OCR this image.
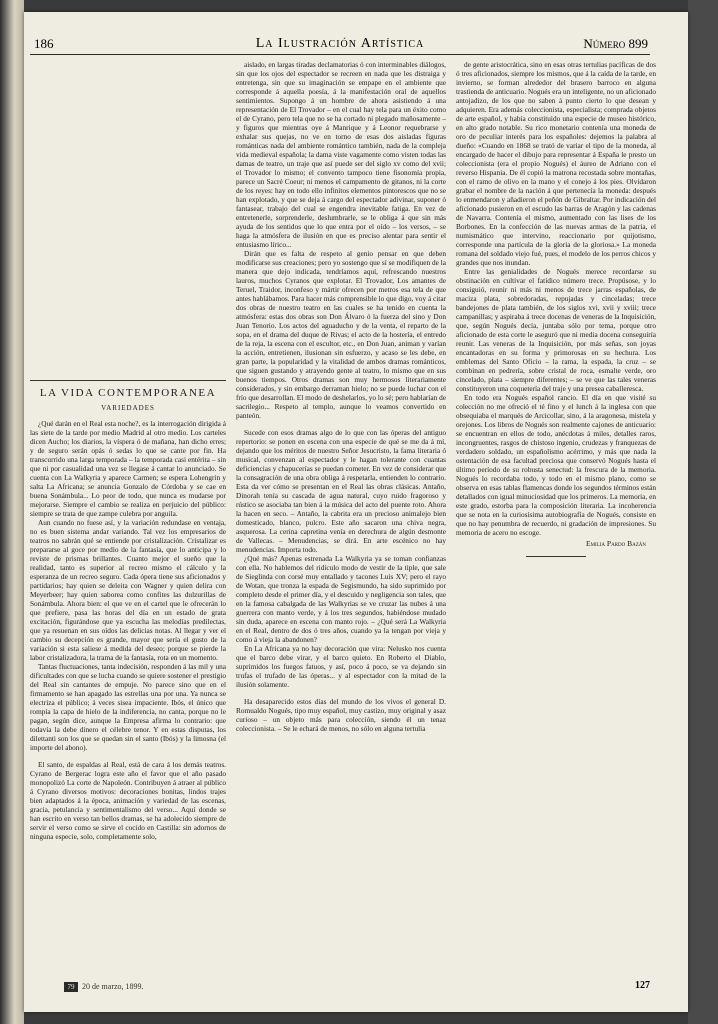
186	La Ilustración Artística	Número 899
LA VIDA CONTEMPORANEA
VARIEDADES

¿Qué darán en el Real esta noche?, es la interrogación dirigida á las siete de la tarde por medio Madrid al otro medio. Los carteles dicen Aucho; los diarios, la víspera ó de mañana, han dicho erres; y de seguro serán opás ó sedas lo que se cante por fin. Ha transcurrido una larga temporada – la temporada casi entérita – sin que ni por casualidad una vez se llegase á cantar lo anunciado. Se cuenta con La Walkyria y aparece Carmen; se espera Lohengrin y salta La Africana; se anuncia Gonzalo de Córdoba y se cae en buena Sonámbula... Lo peor de todo, que nunca es mudarse por mejorarse. Siempre el cambio se realiza en perjuicio del público: siempre se trata de que zampe culebra por anguila.

Aun cuando no fuese así, y la variación redundase en ventaja, no es buen sistema andar variando. Tal vez los empresarios de teatros no sabrán qué se entiende por cristalización. Cristalizar es prepararse al goce por medio de la fantasía, que lo anticipa y lo reviste de prismas brillantes. Cuanto mejor el sueño que la realidad, tanto es superior al recreo mismo el cálculo y la esperanza de un recreo seguro. Cada ópera tiene sus aficionados y partidarios; hay quien se deleita con Wagner y quien delira con Meyerbeer; hay quien saborea como confites las dulzurillas de Sonámbula. Ahora bien: el que ve en el cartel que le ofrecerán lo que prefiere, pasa las horas del día en un estado de grata excitación, figurándose que ya escucha las melodías predilectas, que ya resuenan en sus oídos las delicias notas. Al llegar y ver el cambio su decepción es grande, mayor que sería el gusto de la variación si esta saliese á medida del deseo; porque se pierde la labor cristalizadora, la trama de la fantasía, rota en un momento.

Tantas fluctuaciones, tanta indecisión, responden á las mil y una dificultades con que se lucha cuando se quiere sostener el prestigio del Real sin cantantes de empuje. No parece sino que en el firmamento se han apagado las estrellas una por una. Ya nunca se electriza el público; á veces sisea impaciente. Ibós, el único que rompía la capa de hielo de la indiferencia, no canta, porque no le pagan, según dice, aunque la Empresa afirma lo contrario: que todavía la debe dinero el célebre tenor. Y en estas disputas, los dilettanti son los que se quedan sin el santo (Ibós) y la limosna (el importe del abono).

El santo, de espaldas al Real, está de cara á los demás teatros. Cyrano de Bergerac logra este año el favor que el año pasado monopolizó La corte de Napoleón. Contribuyen á atraer al público á Cyrano diversos motivos: decoraciones bonitas, lindos trajes bien adaptados á la época, animación y variedad de las escenas, gracia, petulancia y sentimentalismo del verso... Aquí donde se han escrito en verso tan bellos dramas, se ha adolecido siempre de servir el verso como se sirve el cocido en Castilla: sin adornos de ninguna especie, solo, completamente solo,

aislado, en largas tiradas declamatorias ó con interminables diálogos, sin que los ojos del espectador se recreen en nada que les distraiga y entretenga, sin que su imaginación se empape en el ambiente que corresponde á aquella poesía, á la manifestación oral de aquellos sentimientos. Supongo á un hombre de ahora asistiendo á una representación de El Trovador – en el cual hay tela para un éxito como el de Cyrano, pero tela que no se ha cortado ni plegado mañosamente – y figuros que mientras oye á Manrique y á Leonor requebrarse y exhalar sus quejas, no ve en torno de esas dos aisladas figuras románticas nada del ambiente romántico también, nada de la compleja vida medieval española; la dama viste vagamente como visten todas las damas de teatro, un traje que así puede ser del siglo xv como del xvii; el Trovador lo mismo; el convento tampoco tiene fisonomía propia, parece un Sacré Coeur; ni menos el campamento de gitanos, ni la corte de los reyes: hay en todo ello infinitos elementos pintorescos que no se han explotado, y que se deja á cargo del espectador adivinar, suponer ó fantasear, trabajo del cual se engendra inevitable fatiga. En vez de entretenerle, sorprenderle, deslumbrarle, se le obliga á que sin más ayuda de los sentidos que lo que entra por el oído – los versos, – se haga la atmósfera de ilusión en que es preciso alentar para sentir el entusiasmo lírico...

Dirán que es falta de respeto al genio pensar en que deben modificarse sus creaciones; pero yo sostengo que sí se modifiquen de la manera que dejo indicada, tendríamos aquí, refrescando nuestros lauros, muchos Cyranos que explotar. El Trovador, Los amantes de Teruel, Traidor, inconfeso y mártir ofrecen por metros esa tela de que antes hablábamos. Para hacer más comprensible lo que digo, voy á citar dos obras de nuestro teatro en las cuales se ha tenido en cuenta la atmósfera: estas dos obras son Don Álvaro ó la fuerza del sino y Don Juan Tenorio. Los actos del aguaducho y de la venta, el reparto de la sopa, en el drama del duque de Rivas; el acto de la hostería, el entredo de la reja, la escena con el escultor, etc., en Don Juan, animan y varían la acción, entretienen, ilusionan sin esfuerzo, y acaso se les debe, en gran parte, la popularidad y la vitalidad de ambos dramas románticos, que siguen gustando y atrayendo gente al teatro, lo mismo que en sus buenos tiempos. Otros dramas son muy hermosos literariamente considerados, y sin embargo derraman hielo; no se puede luchar con el frío que desarrollan. El modo de deshelarlos, yo lo sé; pero hablarían de sacrilegio... Respeto al templo, aunque lo veamos convertido en panteón.

Sucede con esos dramas algo de lo que con las óperas del antiguo repertorio: se ponen en escena con una especie de qué se me da á mí, dejando que los méritos de nuestro Señor Jesucristo, la fama literaria ó musical, convenzan al espectador y le hagan tolerante con cuantas deficiencias y chapucerías se puedan cometer. En vez de considerar que la consagración de una obra obliga á respetarla, entienden lo contrario. Esta da ver cómo se presentan en el Real las obras clásicas. Antaño, Dinorah tenía su cascada de agua natural, cuyo ruido fragoroso y rústico se asociaba tan bien á la música del acto del puente roto. Ahora la hacen en seco. – Antaño, la cabrita era un precioso animalejo bien domesticado, blanco, pulcro. Este año sacaron una chiva negra, asquerosa. La cerina capretina venía en derechura de algún desmonte de Vallecas. – Menudencias, se dirá. En arte escénico no hay menudencias. Importa todo.

¿Qué más? Apenas estrenada La Walkyria ya se toman confianzas con ella. No hablemos del ridículo modo de vestir de la tiple, que sale de Sieglinda con corsé muy entallado y tacones Luis XV; pero el rayo de Wotan, que tronza la espada de Segismundo, ha sido suprimido por completo desde el primer día, y el descuido y negligencia son tales, que en la famosa cabalgada de las Walkyrias se ve cruzar las nubes á una guerrera con manto verde, y á los tres segundos, habiéndose mudado sin duda, aparece en escena con manto rojo. – ¿Qué será La Walkyria en el Real, dentro de dos ó tres años, cuando ya la tengan por vieja y como á vieja la abandonen?

En La Africana ya no hay decoración que vira: Nelusko nos cuenta que el barco debe virar, y el barco quieto. En Roberto el Diablo, suprimidos los fuegos fatuos, y así, poco á poco, se va dejando sin trufas el trufado de las óperas... y al espectador con la mitad de la ilusión solamente.

Ha desaparecido estos días del mundo de los vivos el general D. Romualdo Nogués, tipo muy español, muy castizo, muy original y asaz curioso – un objeto más para colección, siendo él un tenaz coleccionista. – Se le echará de menos, no sólo en alguna tertulia

de gente aristocrática, sino en esas otras tertulias pacíficas de dos ó tres aficionados, siempre los mismos, que á la caída de la tarde, en invierno, se forman alrededor del brasero barroco en alguna trastienda de anticuario. Nogués era un inteligente, no un aficionado antojadizo, de los que no saben á punto cierto lo que desean y adquieren. Era además coleccionista, especialista; comprada objetos de arte español, y había constituido una especie de museo histórico, en alto grado notable. Su rico monetario contenía una moneda de oro de peculiar interés para los españoles: dejemos la palabra al dueño: «Cuando en 1868 se trató de variar el tipo de la moneda, al encargado de hacer el dibujo para representar á España le presto un coleccionista (era el propio Nogués) el áureo de Adriano con el reverso Hispania. De él copió la matrona recostada sobre montañas, con el ramo de olivo en la mano y el conejo á los pies. Olvidaron grabar el nombre de la nación á que pertenecía la moneda: después lo enmendaron y añadieron el peñón de Gibraltar. Por indicación del aficionado pusieron en el escudo las barras de Aragón y las cadenas de Navarra. Contenía el mismo, aumentado con las lises de los Borbones. En la confección de las nuevas armas de la patria, el numismático que intervino, reaccionario por quijotismo, corresponde una partícula de la gloria de la gloriosa.» La moneda romana del soldado viejo fué, pues, el modelo de los perros chicos y grandes que nos inundan.

Entre las genialidades de Nogués merece recordarse su obstinación en cultivar el fatídico número trece. Propúsose, y lo consiguió, reunir ni más ni menos de trece jarras españolas, de maciza plata, sobredoradas, repujadas y cinceladas; trece bandejones de plata también, de los siglos xvi, xvii y xviii; trece campanillas; y aspiraba á trece docenas de veneras de la Inquisición, que, según Nogués decía, juntaba sólo por tema, porque otro aficionado de esta corte le aseguró que ni media docena conseguiría reunir. Las veneras de la Inquisición, por más señas, son joyas encantadoras en su forma y primorosas en su hechura. Los emblemas del Santo Oficio – la rama, la espada, la cruz – se combinan en pedrería, sobre cristal de roca, esmalte verde, oro cincelado, plata – siempre diferentes; – se ve que las tales veneras constituyeron una coquetería del traje y una presea caballeresca.

En todo era Nogués español rancio. El día en que visité su colección no me ofreció el té fino y el lunch á la inglesa con que obsequiaba el marqués de Arcicollar, sino, á la aragonesa, mistela y orejones. Los libros de Nogués son realmente cajones de anticuario: se encuentran en ellos de todo, anécdotas á miles, detalles raros, incongruentes, rasgos de chistoso ingenio, crudezas y franquezas de verdadero soldado, un españolismo acérrimo, y más que nada la ostentación de esa facultad preciosa que conservó Nogués hasta el último período de su robusta senectud: la frescura de la memoria. Nogués lo recordaba todo, y todo en el mismo plano, como se observa en esas tablas flamencas donde los segundos términos están detallados con igual minuciosidad que los primeros. La memoria, en este grado, estorba para la composición literaria. La incoherencia que se nota en la curiosísima autobiografía de Nogués, consiste en que no hay penumbra de recuerdo, ni gradación de impresiones. Su memoria de acero no escoge.

Emilia Pardo Bazán
79 20 de marzo, 1899.	127
